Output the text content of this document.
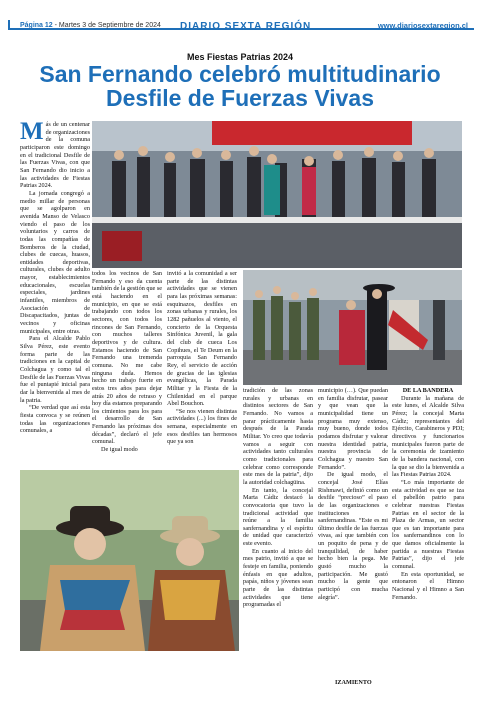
Página 12 - Martes 3 de Septiembre de 2024 DIARIO SEXTA REGIÓN	www.diariosextaregion.cl
Mes Fiestas Patrias 2024
San Fernando celebró multitudinario
Desfile de Fuerzas Vivas

Más de un centenar de organizaciones de la comuna participaron este domingo en el tradicional Desfile de las Fuerzas Vivas, con que San Fernando dio inicio a las actividades de Fiestas Patrias 2024.

La jornada congregó a medio millar de personas que se agolparon en avenida Manso de Velasco viendo el paso de los voluntarios y carros de todas las compañías de Bomberos de la ciudad, clubes de cuecas, huasos, entidades deportivas, culturales, clubes de adulto mayor, establecimientos educacionales, escuelas especiales, jardines infantiles, miembros de Asociación de Discapacitados, juntas de vecinos y oficinas municipales, entre otras.

Para el Alcalde Pablo Silva Pérez, este evento forma parte de las tradiciones en la capital de Colchagua y como tal el Desfile de las Fuerzas Vivas fue el puntapié inicial para dar la bienvenida al mes de la patria.

“De verdad que así esta fiesta convoca y se reúnen todas las organizaciones comunales, a

todos los vecinos de San Fernando y eso da cuenta también de la gestión que se está haciendo en el municipio, en que se está trabajando con todos los sectores, con todos los rincones de San Fernando, con muchos talleres deportivos y de cultura. Estamos haciendo de San Fernando una tremenda comuna. No me cabe ninguna duda. Hemos hecho un trabajo fuerte en estos tres años para dejar atrás 20 años de retraso y hoy día estamos preparando los cimientos para los para el desarrollo de San Fernando las próximas dos décadas”, declaró el jefe comunal.

De igual modo

invitó a la comunidad a ser parte de las distintas actividades que se vienen para las próximas semanas: esquinazos, desfiles en zonas urbanas y rurales, los 1282 pañuelos al viento, el concierto de la Orquesta Sinfónica Juvenil, la gala del club de cueca Los Copihues, el Te Deum en la parroquia San Fernando Rey, el servicio de acción de gracias de las iglesias evangélicas, la Parada Militar y la Fiesta de la Chilenidad en el parque Abel Bouchon.

“Se nos vienen distintas actividades (...) los fines de semana, especialmente en esos desfiles tan hermosos que ya son

tradición de las zonas rurales y urbanas en distintos sectores de San Fernando. No vamos a parar prácticamente hasta después de la Parada Militar. Yo creo que todavía vamos a seguir con actividades tanto culturales como tradicionales para celebrar como corresponde este mes de la patria”, dijo la autoridad colchagüina.

En tanto, la concejal Marta Cádiz destacó la convocatoria que tuvo la tradicional actividad que reúne a la familia sanfernandina y el espíritu de unidad que caracterizó este evento.

En cuanto al inicio del mes patrio, invitó a que se festeje en familia, poniendo énfasis en que adultos, papás, niños y jóvenes sean parte de las distintas actividades que tiene programadas el

municipio (…). Que puedan en familia disfrutar, pasear y que vean que la municipalidad tiene un programa muy extenso, muy bueno, donde todos podamos disfrutar y valorar nuestra identidad patria, nuestra provincia de Colchagua y nuestro San Fernando”.

De igual modo, el concejal José Elías Rishmawi, definió como un desfile “precioso” el paso de las organizaciones e instituciones sanfernandinas. “Este es mi último desfile de las fuerzas vivas, así que también con un poquito de pena y de tranquilidad, de haber hecho bien la pega. Me gustó mucho la participación. Me gustó mucho la gente que participó con mucha alegría”.

IZAMIENTO

DE LA BANDERA

Durante la mañana de este lunes, el Alcalde Silva Pérez; la concejal Marta Cádiz; representantes del Ejército, Carabineros y PDI; directivos y funcionarios municipales fueron parte de la ceremonia de izamiento de la bandera nacional, con la que se dio la bienvenida a las Fiestas Patrias 2024.

“Lo más importante de esta actividad es que se iza el pabellón patrio para celebrar nuestras Fiestas Patrias en el sector de la Plaza de Armas, un sector que es tan importante para los sanfernandinos con lo que damos oficialmente la partida a nuestras Fiestas Patrias”, dijo el jefe comunal.

En esta oportunidad, se entonaron el Himno Nacional y el Himno a San Fernando.
